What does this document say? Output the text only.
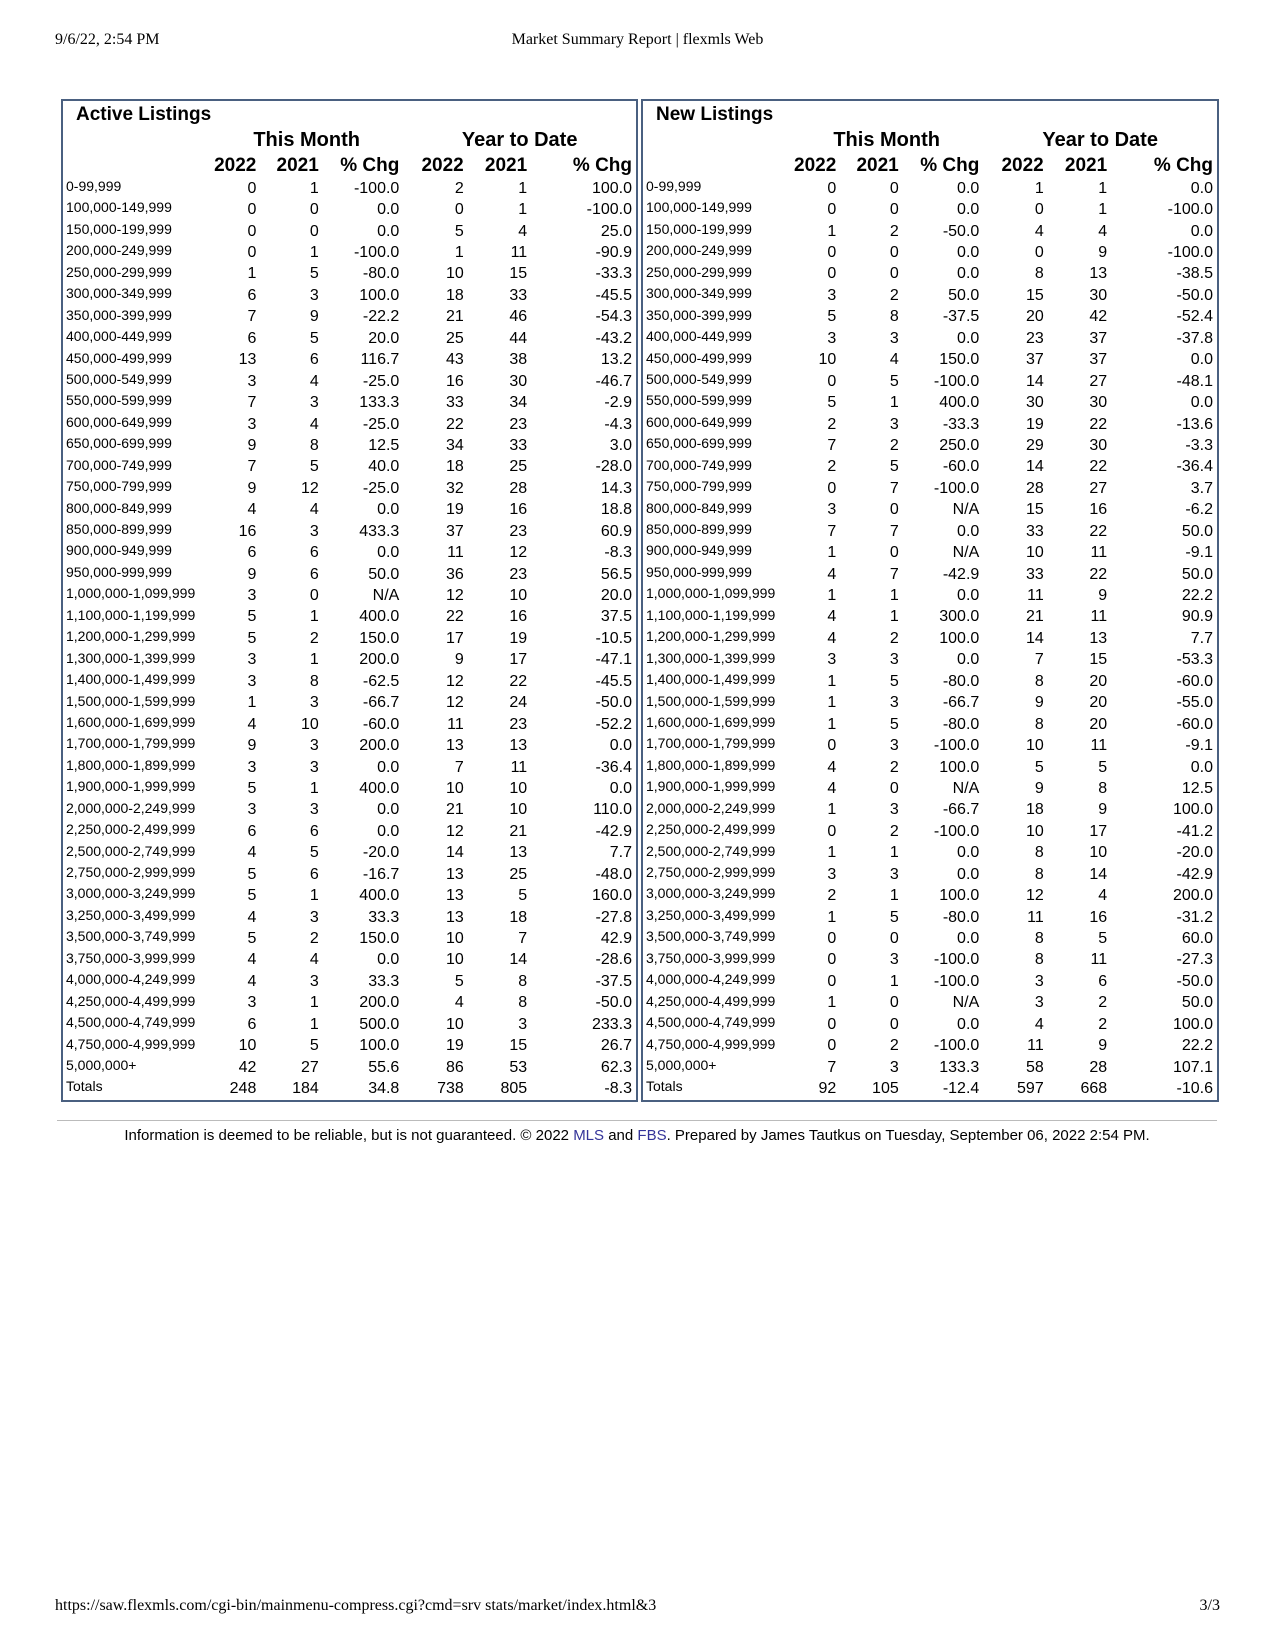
9/6/22, 2:54 PM	Market Summary Report | flexmls Web
Active Listings						
	This Month			Year to Date		
	2022	2021	% Chg	2022	2021	% Chg
0-99,999	0	1	-100.0	2	1	100.0
100,000-149,999	0	0	0.0	0	1	-100.0
150,000-199,999	0	0	0.0	5	4	25.0
200,000-249,999	0	1	-100.0	1	11	-90.9
250,000-299,999	1	5	-80.0	10	15	-33.3
300,000-349,999	6	3	100.0	18	33	-45.5
350,000-399,999	7	9	-22.2	21	46	-54.3
400,000-449,999	6	5	20.0	25	44	-43.2
450,000-499,999	13	6	116.7	43	38	13.2
500,000-549,999	3	4	-25.0	16	30	-46.7
550,000-599,999	7	3	133.3	33	34	-2.9
600,000-649,999	3	4	-25.0	22	23	-4.3
650,000-699,999	9	8	12.5	34	33	3.0
700,000-749,999	7	5	40.0	18	25	-28.0
750,000-799,999	9	12	-25.0	32	28	14.3
800,000-849,999	4	4	0.0	19	16	18.8
850,000-899,999	16	3	433.3	37	23	60.9
900,000-949,999	6	6	0.0	11	12	-8.3
950,000-999,999	9	6	50.0	36	23	56.5
1,000,000-1,099,999	3	0	N/A	12	10	20.0
1,100,000-1,199,999	5	1	400.0	22	16	37.5
1,200,000-1,299,999	5	2	150.0	17	19	-10.5
1,300,000-1,399,999	3	1	200.0	9	17	-47.1
1,400,000-1,499,999	3	8	-62.5	12	22	-45.5
1,500,000-1,599,999	1	3	-66.7	12	24	-50.0
1,600,000-1,699,999	4	10	-60.0	11	23	-52.2
1,700,000-1,799,999	9	3	200.0	13	13	0.0
1,800,000-1,899,999	3	3	0.0	7	11	-36.4
1,900,000-1,999,999	5	1	400.0	10	10	0.0
2,000,000-2,249,999	3	3	0.0	21	10	110.0
2,250,000-2,499,999	6	6	0.0	12	21	-42.9
2,500,000-2,749,999	4	5	-20.0	14	13	7.7
2,750,000-2,999,999	5	6	-16.7	13	25	-48.0
3,000,000-3,249,999	5	1	400.0	13	5	160.0
3,250,000-3,499,999	4	3	33.3	13	18	-27.8
3,500,000-3,749,999	5	2	150.0	10	7	42.9
3,750,000-3,999,999	4	4	0.0	10	14	-28.6
4,000,000-4,249,999	4	3	33.3	5	8	-37.5
4,250,000-4,499,999	3	1	200.0	4	8	-50.0
4,500,000-4,749,999	6	1	500.0	10	3	233.3
4,750,000-4,999,999	10	5	100.0	19	15	26.7
5,000,000+	42	27	55.6	86	53	62.3
Totals	248	184	34.8	738	805	-8.3
New Listings						
	This Month			Year to Date		
	2022	2021	% Chg	2022	2021	% Chg
0-99,999	0	0	0.0	1	1	0.0
100,000-149,999	0	0	0.0	0	1	-100.0
150,000-199,999	1	2	-50.0	4	4	0.0
200,000-249,999	0	0	0.0	0	9	-100.0
250,000-299,999	0	0	0.0	8	13	-38.5
300,000-349,999	3	2	50.0	15	30	-50.0
350,000-399,999	5	8	-37.5	20	42	-52.4
400,000-449,999	3	3	0.0	23	37	-37.8
450,000-499,999	10	4	150.0	37	37	0.0
500,000-549,999	0	5	-100.0	14	27	-48.1
550,000-599,999	5	1	400.0	30	30	0.0
600,000-649,999	2	3	-33.3	19	22	-13.6
650,000-699,999	7	2	250.0	29	30	-3.3
700,000-749,999	2	5	-60.0	14	22	-36.4
750,000-799,999	0	7	-100.0	28	27	3.7
800,000-849,999	3	0	N/A	15	16	-6.2
850,000-899,999	7	7	0.0	33	22	50.0
900,000-949,999	1	0	N/A	10	11	-9.1
950,000-999,999	4	7	-42.9	33	22	50.0
1,000,000-1,099,999	1	1	0.0	11	9	22.2
1,100,000-1,199,999	4	1	300.0	21	11	90.9
1,200,000-1,299,999	4	2	100.0	14	13	7.7
1,300,000-1,399,999	3	3	0.0	7	15	-53.3
1,400,000-1,499,999	1	5	-80.0	8	20	-60.0
1,500,000-1,599,999	1	3	-66.7	9	20	-55.0
1,600,000-1,699,999	1	5	-80.0	8	20	-60.0
1,700,000-1,799,999	0	3	-100.0	10	11	-9.1
1,800,000-1,899,999	4	2	100.0	5	5	0.0
1,900,000-1,999,999	4	0	N/A	9	8	12.5
2,000,000-2,249,999	1	3	-66.7	18	9	100.0
2,250,000-2,499,999	0	2	-100.0	10	17	-41.2
2,500,000-2,749,999	1	1	0.0	8	10	-20.0
2,750,000-2,999,999	3	3	0.0	8	14	-42.9
3,000,000-3,249,999	2	1	100.0	12	4	200.0
3,250,000-3,499,999	1	5	-80.0	11	16	-31.2
3,500,000-3,749,999	0	0	0.0	8	5	60.0
3,750,000-3,999,999	0	3	-100.0	8	11	-27.3
4,000,000-4,249,999	0	1	-100.0	3	6	-50.0
4,250,000-4,499,999	1	0	N/A	3	2	50.0
4,500,000-4,749,999	0	0	0.0	4	2	100.0
4,750,000-4,999,999	0	2	-100.0	11	9	22.2
5,000,000+	7	3	133.3	58	28	107.1
Totals	92	105	-12.4	597	668	-10.6
Information is deemed to be reliable, but is not guaranteed. © 2022 MLS and FBS. Prepared by James Tautkus on Tuesday, September 06, 2022 2:54 PM.
https://saw.flexmls.com/cgi-bin/mainmenu-compress.cgi?cmd=srv stats/market/index.html&3	3/3
